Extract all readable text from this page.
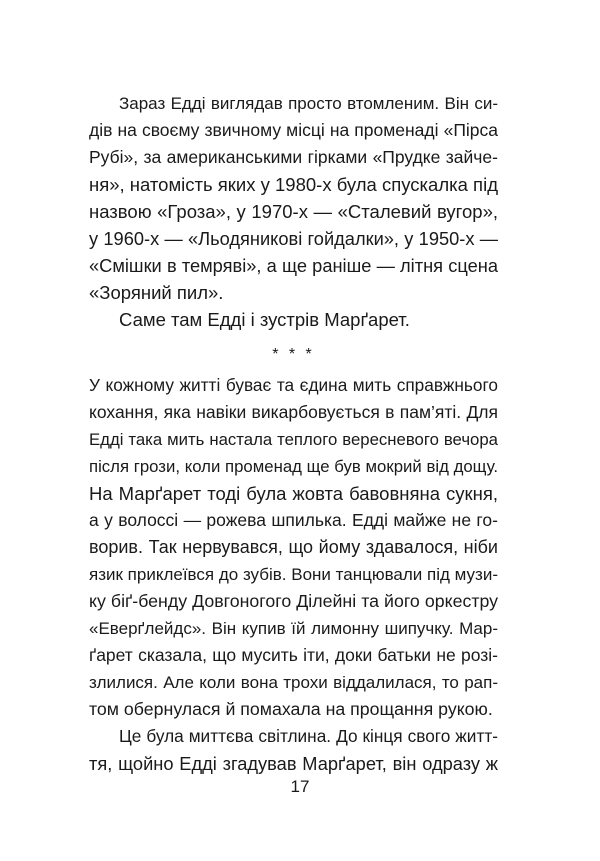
Зараз Едді виглядав просто втомленим. Він си-
дів на своєму звичному місці на променаді «Пірса
Рубі», за американськими гірками «Прудке зайче-
ня», натомість яких у 1980-х була спускалка під
назвою «Гроза», у 1970-х — «Сталевий вугор»,
у 1960-х — «Льодяникові гойдалки», у 1950-х —
«Смішки в темряві», а ще раніше — літня сцена
«Зоряний пил».
Саме там Едді і зустрів Марґарет.
* * *
У кожному житті буває та єдина мить справжнього
кохання, яка навіки викарбовується в пам’яті. Для
Едді така мить настала теплого вересневого вечора
після грози, коли променад ще був мокрий від дощу.
На Марґарет тоді була жовта бавовняна сукня,
а у волоссі — рожева шпилька. Едді майже не го-
ворив. Так нервувався, що йому здавалося, ніби
язик приклеївся до зубів. Вони танцювали під музи-
ку біґ-бенду Довгоногого Ділейні та його оркестру
«Еверґлейдс». Він купив їй лимонну шипучку. Мар-
ґарет сказала, що мусить іти, доки батьки не розі-
злилися. Але коли вона трохи віддалилася, то рап-
том обернулася й помахала на прощання рукою.
Це була миттєва світлина. До кінця свого житт-
тя, щойно Едді згадував Марґарет, він одразу ж
17
